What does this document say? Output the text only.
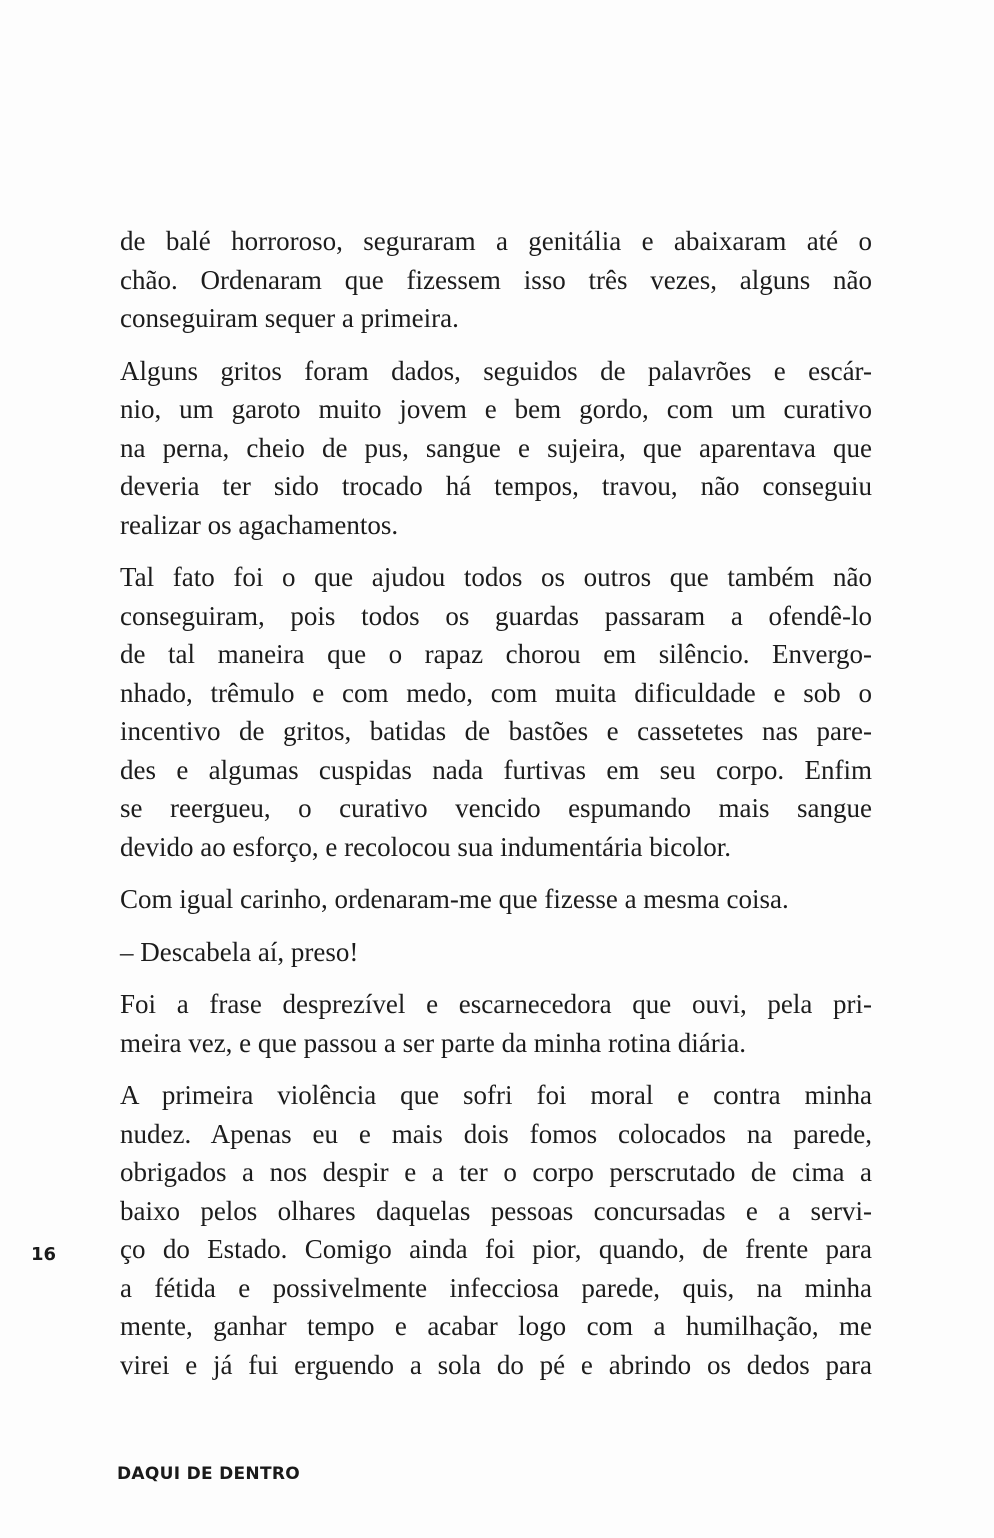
de balé horroroso, seguraram a genitália e abaixaram até o
chão. Ordenaram que fizessem isso três vezes, alguns não
conseguiram sequer a primeira.

Alguns gritos foram dados, seguidos de palavrões e escár-
nio, um garoto muito jovem e bem gordo, com um curativo
na perna, cheio de pus, sangue e sujeira, que aparentava que
deveria ter sido trocado há tempos, travou, não conseguiu
realizar os agachamentos.

Tal fato foi o que ajudou todos os outros que também não
conseguiram, pois todos os guardas passaram a ofendê-lo
de tal maneira que o rapaz chorou em silêncio. Envergo-
nhado, trêmulo e com medo, com muita dificuldade e sob o
incentivo de gritos, batidas de bastões e cassetetes nas pare-
des e algumas cuspidas nada furtivas em seu corpo. Enfim
se reergueu, o curativo vencido espumando mais sangue
devido ao esforço, e recolocou sua indumentária bicolor.

Com igual carinho, ordenaram-me que fizesse a mesma coisa.

– Descabela aí, preso!

Foi a frase desprezível e escarnecedora que ouvi, pela pri-
meira vez, e que passou a ser parte da minha rotina diária.

A primeira violência que sofri foi moral e contra minha
nudez. Apenas eu e mais dois fomos colocados na parede,
obrigados a nos despir e a ter o corpo perscrutado de cima a
baixo pelos olhares daquelas pessoas concursadas e a servi-
ço do Estado. Comigo ainda foi pior, quando, de frente para
a fétida e possivelmente infecciosa parede, quis, na minha
mente, ganhar tempo e acabar logo com a humilhação, me
virei e já fui erguendo a sola do pé e abrindo os dedos para

16
DAQUI DE DENTRO
